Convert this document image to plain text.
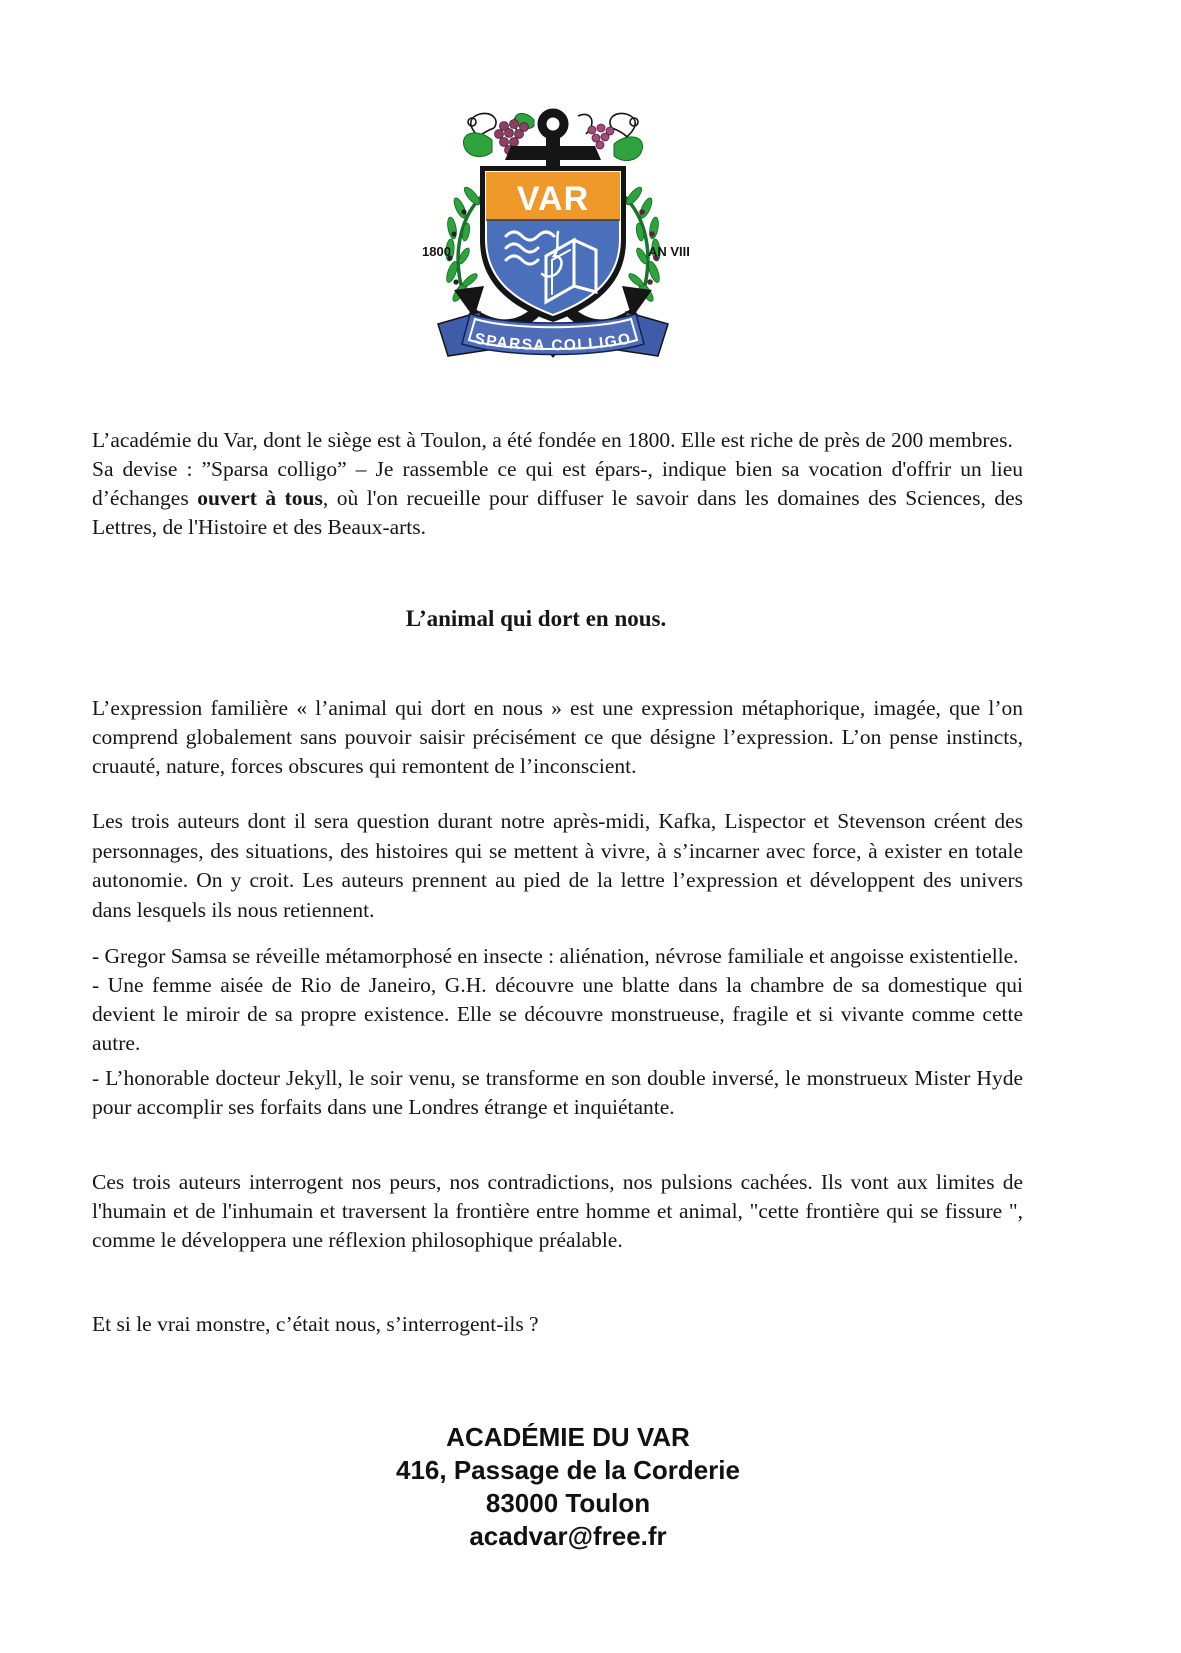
VAR
SPARSA COLLIGO
1800	AN VIII
L’académie du Var, dont le siège est à Toulon, a été fondée en 1800. Elle est riche de près de 200 membres.
Sa devise : ”Sparsa colligo” – Je rassemble ce qui est épars-, indique bien sa vocation d'offrir un lieu d’échanges ouvert à tous, où l'on recueille pour diffuser le savoir dans les domaines des Sciences, des Lettres, de l'Histoire et des Beaux-arts.
L’animal qui dort en nous.
L’expression familière « l’animal qui dort en nous » est une expression métaphorique, imagée, que l’on comprend globalement sans pouvoir saisir précisément ce que désigne l’expression. L’on pense instincts, cruauté, nature, forces obscures qui remontent de l’inconscient.
Les trois auteurs dont il sera question durant notre après-midi, Kafka, Lispector et Stevenson créent des personnages, des situations, des histoires qui se mettent à vivre, à s’incarner avec force, à exister en totale autonomie. On y croit. Les auteurs prennent au pied de la lettre l’expression et développent des univers dans lesquels ils nous retiennent.
- Gregor Samsa se réveille métamorphosé en insecte : aliénation, névrose familiale et angoisse existentielle.
- Une femme aisée de Rio de Janeiro, G.H. découvre une blatte dans la chambre de sa domestique qui devient le miroir de sa propre existence. Elle se découvre monstrueuse, fragile et si vivante comme cette autre.
- L’honorable docteur Jekyll, le soir venu, se transforme en son double inversé, le monstrueux Mister Hyde pour accomplir ses forfaits dans une Londres étrange et inquiétante.
Ces trois auteurs interrogent nos peurs, nos contradictions, nos pulsions cachées. Ils vont aux limites de l'humain et de l'inhumain et traversent la frontière entre homme et animal, "cette frontière qui se fissure ", comme le développera une réflexion philosophique préalable.
Et si le vrai monstre, c’était nous, s’interrogent-ils ?
ACADÉMIE DU VAR
416, Passage de la Corderie
83000 Toulon
acadvar@free.fr
